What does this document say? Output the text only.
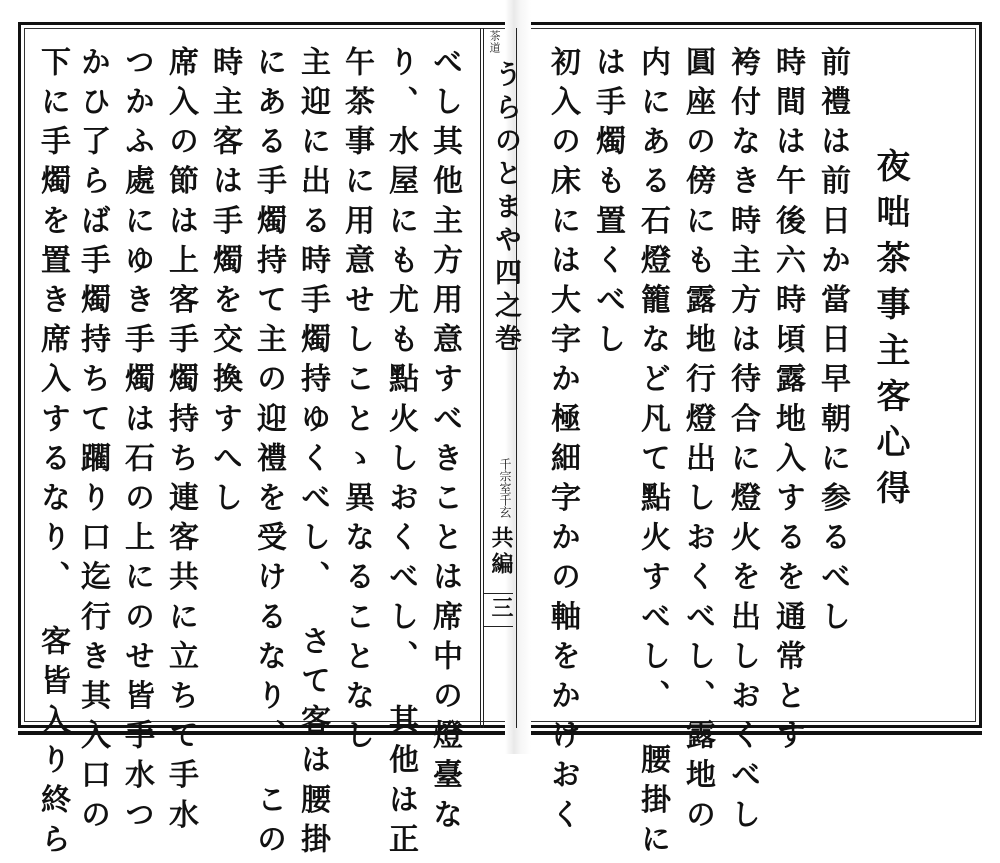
夜咄茶事主客心得
茶道
うらのとまや四之巻
千宗室千玄
共編
三
べし其他主方用意すべきことは席中の燈臺な
り、水屋にも尤も點火しおくべし、　其他は正
午茶事に用意せしことゝ異なることなし
主迎に出る時手燭持ゆくべし、　さて客は腰掛
にある手燭持て主の迎禮を受けるなり、　この
時主客は手燭を交換すへし
席入の節は上客手燭持ち連客共に立ちて手水
つかふ處にゆき手燭は石の上にのせ皆手水つ
かひ了らば手燭持ちて躙り口迄行き其入口の
下に手燭を置き席入するなり、　客皆入り終ら	前禮は前日か當日早朝に参るべし
時間は午後六時頃露地入するを通常とす
袴付なき時主方は待合に燈火を出しおくべし
圓座の傍にも露地行燈出しおくべし、露地の
内にある石燈籠など凡て點火すべし、　腰掛に
は手燭も置くべし
初入の床には大字か極細字かの軸をかけおく
